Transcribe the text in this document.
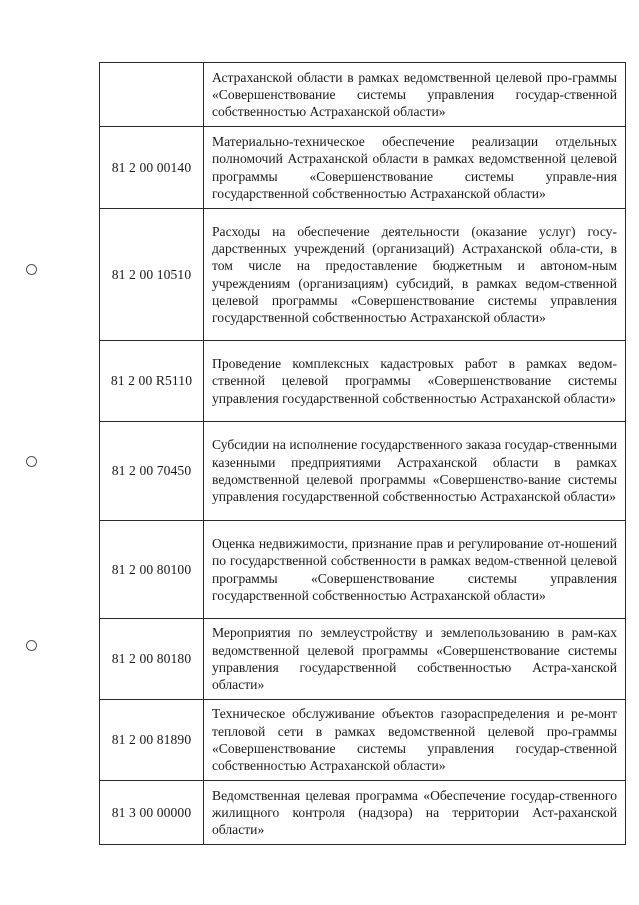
	Астраханской области в рамках ведомственной целевой про-граммы «Совершенствование системы управления государ-ственной собственностью Астраханской области»

81 2 00 00140	Материально-техническое обеспечение реализации отдельных полномочий Астраханской области в рамках ведомственной целевой программы «Совершенствование системы управле-ния государственной собственностью Астраханской области»

81 2 00 10510	Расходы на обеспечение деятельности (оказание услуг) госу-дарственных учреждений (организаций) Астраханской обла-сти, в том числе на предоставление бюджетным и автоном-ным учреждениям (организациям) субсидий, в рамках ведом-ственной целевой программы «Совершенствование системы управления государственной собственностью Астраханской области»

81 2 00 R5110	Проведение комплексных кадастровых работ в рамках ведом-ственной целевой программы «Совершенствование системы управления государственной собственностью Астраханской области»

81 2 00 70450	Субсидии на исполнение государственного заказа государ-ственными казенными предприятиями Астраханской области в рамках ведомственной целевой программы «Совершенство-вание системы управления государственной собственностью Астраханской области»

81 2 00 80100	Оценка недвижимости, признание прав и регулирование от-ношений по государственной собственности в рамках ведом-ственной целевой программы «Совершенствование системы управления государственной собственностью Астраханской области»

81 2 00 80180	Мероприятия по землеустройству и землепользованию в рам-ках ведомственной целевой программы «Совершенствование системы управления государственной собственностью Астра-ханской области»

81 2 00 81890	Техническое обслуживание объектов газораспределения и ре-монт тепловой сети в рамках ведомственной целевой про-граммы «Совершенствование системы управления государ-ственной собственностью Астраханской области»

81 3 00 00000	Ведомственная целевая программа «Обеспечение государ-ственного жилищного контроля (надзора) на территории Аст-раханской области»
